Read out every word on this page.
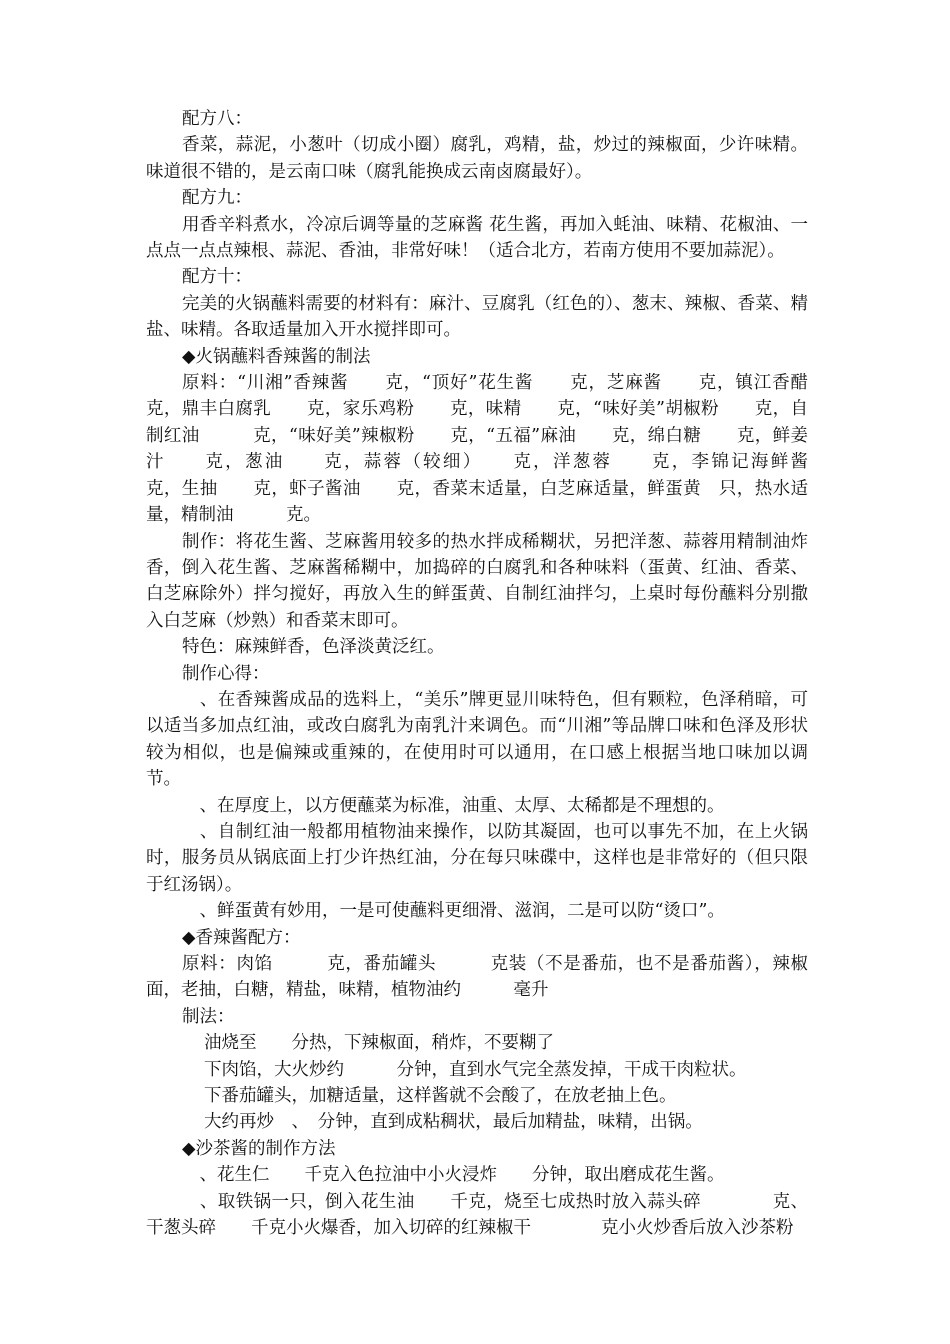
配方八：

香菜，蒜泥，小葱叶（切成小圈）腐乳，鸡精，盐，炒过的辣椒面，少许味精。味道很不错的，是云南口味（腐乳能换成云南卤腐最好）。

配方九：

用香辛料煮水，冷凉后调等量的芝麻酱 花生酱，再加入蚝油、味精、花椒油、一点点一点点辣根、蒜泥、香油，非常好味！（适合北方，若南方使用不要加蒜泥）。

配方十：

完美的火锅蘸料需要的材料有：麻汁、豆腐乳（红色的）、葱末、辣椒、香菜、精盐、味精。各取适量加入开水搅拌即可。

◆火锅蘸料香辣酱的制法

原料：“川湘”香辣酱　　克，“顶好”花生酱　　克，芝麻酱　　克，镇江香醋　　克，鼎丰白腐乳　　克，家乐鸡粉　　克，味精　　克，“味好美”胡椒粉　　克，自制红油　　　克，“味好美”辣椒粉　　克，“五福”麻油　　克，绵白糖　　克，鲜姜汁　　克，葱油　　克，蒜蓉（较细）　　克，洋葱蓉　　克，李锦记海鲜酱　　　克，生抽　　克，虾子酱油　　克，香菜末适量，白芝麻适量，鲜蛋黄　只，热水适量，精制油　　　克。

制作：将花生酱、芝麻酱用较多的热水拌成稀糊状，另把洋葱、蒜蓉用精制油炸香，倒入花生酱、芝麻酱稀糊中，加捣碎的白腐乳和各种味料（蛋黄、红油、香菜、白芝麻除外）拌匀搅好，再放入生的鲜蛋黄、自制红油拌匀，上桌时每份蘸料分别撒入白芝麻（炒熟）和香菜末即可。

特色：麻辣鲜香，色泽淡黄泛红。

制作心得：

　、在香辣酱成品的选料上，“美乐”牌更显川味特色，但有颗粒，色泽稍暗，可以适当多加点红油，或改白腐乳为南乳汁来调色。而“川湘”等品牌口味和色泽及形状较为相似，也是偏辣或重辣的，在使用时可以通用，在口感上根据当地口味加以调节。

　、在厚度上，以方便蘸菜为标准，油重、太厚、太稀都是不理想的。

　、自制红油一般都用植物油来操作，以防其凝固，也可以事先不加，在上火锅时，服务员从锅底面上打少许热红油，分在每只味碟中，这样也是非常好的（但只限于红汤锅）。

　、鲜蛋黄有妙用，一是可使蘸料更细滑、滋润，二是可以防“烫口”。

◆香辣酱配方：

原料：肉馅　　　克，番茄罐头　　　克装（不是番茄，也不是番茄酱），辣椒面，老抽，白糖，精盐，味精，植物油约　　　毫升

制法：

油烧至　　分热，下辣椒面，稍炸，不要糊了

下肉馅，大火炒约　　　分钟，直到水气完全蒸发掉，干成干肉粒状。

下番茄罐头，加糖适量，这样酱就不会酸了，在放老抽上色。

大约再炒　、　分钟，直到成粘稠状，最后加精盐，味精，出锅。

◆沙茶酱的制作方法

　、花生仁　　千克入色拉油中小火浸炸　　分钟，取出磨成花生酱。

　、取铁锅一只，倒入花生油　　千克，烧至七成热时放入蒜头碎　　　　克、干葱头碎　　千克小火爆香，加入切碎的红辣椒干　　　　克小火炒香后放入沙茶粉
